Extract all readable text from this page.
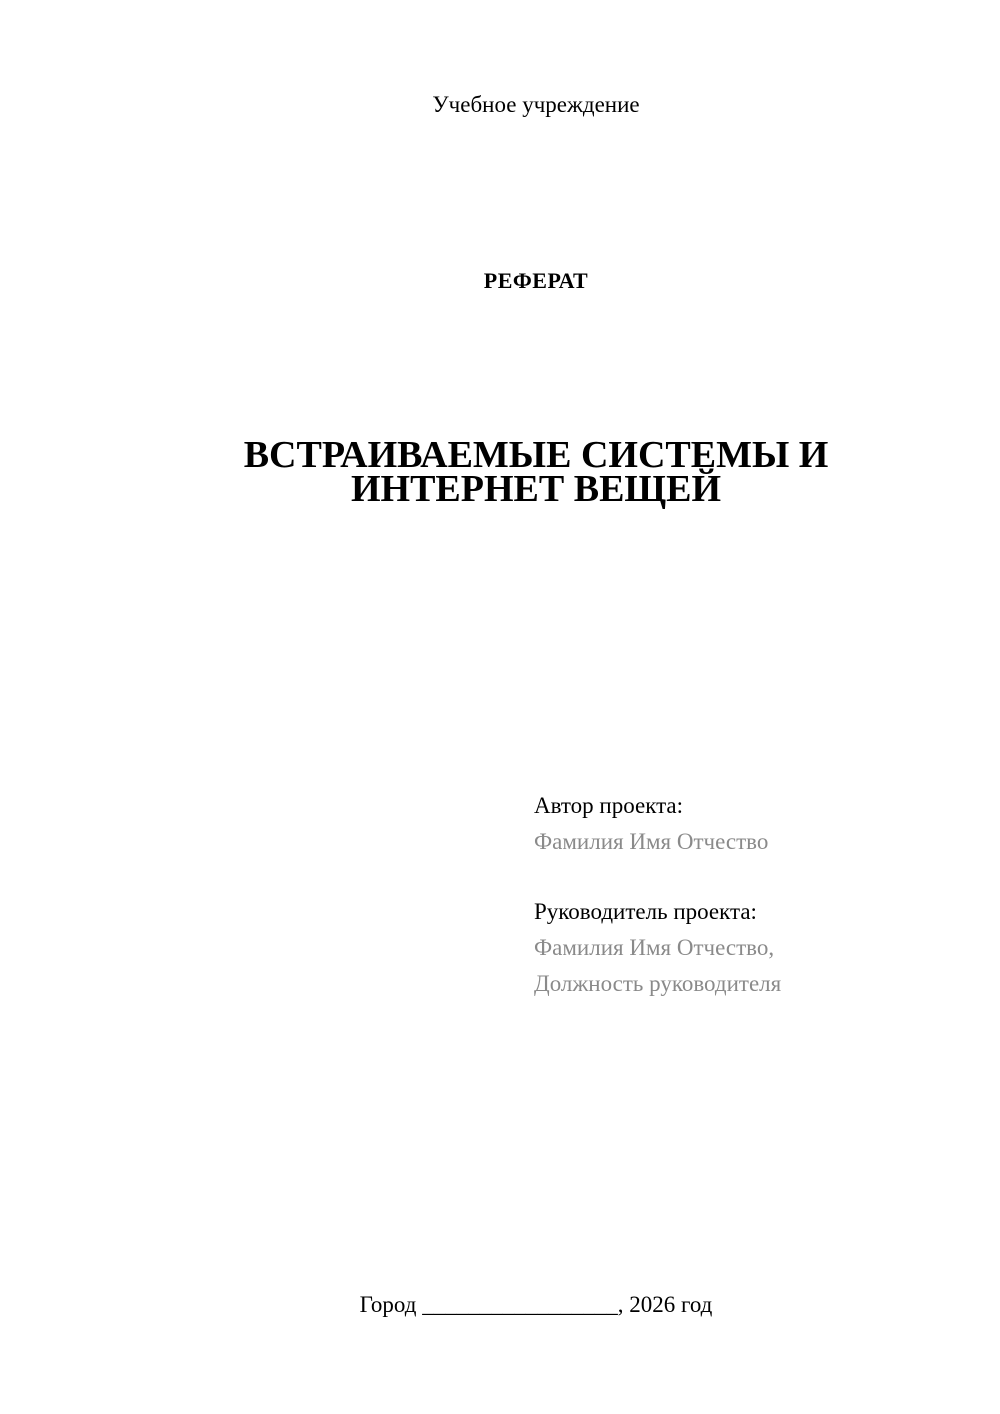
Учебное учреждение
РЕФЕРАТ
ВСТРАИВАЕМЫЕ СИСТЕМЫ И
ИНТЕРНЕТ ВЕЩЕЙ
Автор проекта:
Фамилия Имя Отчество
Руководитель проекта:
Фамилия Имя Отчество,
Должность руководителя
Город _________________, 2026 год
